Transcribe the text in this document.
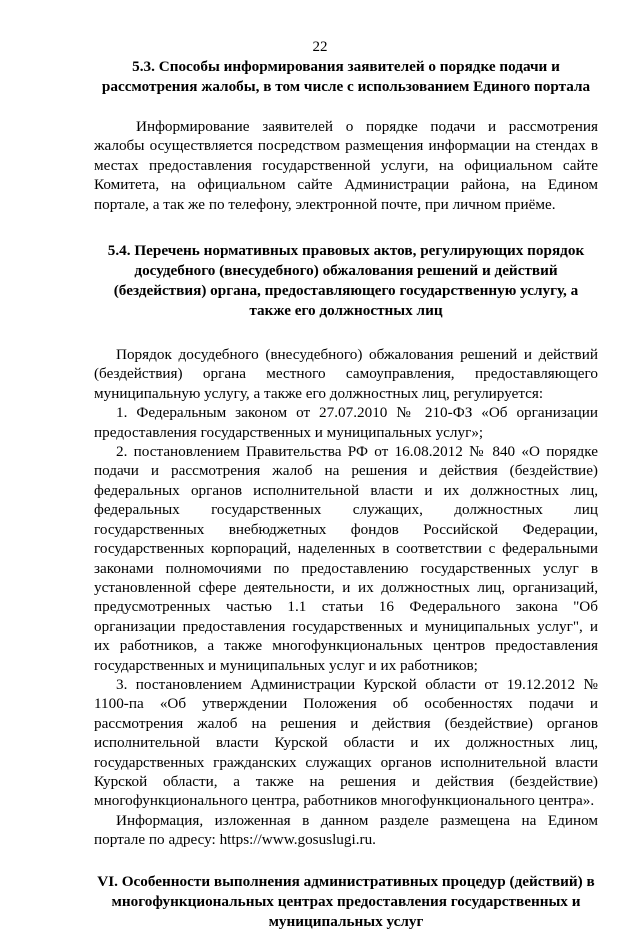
22

5.3. Способы информирования заявителей о порядке подачи и рассмотрения жалобы, в том числе с использованием Единого портала

Информирование заявителей о порядке подачи и рассмотрения жалобы осуществляется посредством размещения информации на стендах в местах предоставления государственной услуги, на официальном сайте Комитета, на официальном сайте Администрации района, на Едином портале, а так же по телефону, электронной почте, при личном приёме.

5.4. Перечень нормативных правовых актов, регулирующих порядок досудебного (внесудебного) обжалования решений и действий (бездействия) органа, предоставляющего государственную услугу, а также его должностных лиц

Порядок досудебного (внесудебного) обжалования решений и действий (бездействия) органа местного самоуправления, предоставляющего муниципальную услугу, а также его должностных лиц, регулируется:

1. Федеральным законом от 27.07.2010 № 210-ФЗ «Об организации предоставления государственных и муниципальных услуг»;

2. постановлением Правительства РФ от 16.08.2012 № 840 «О порядке подачи и рассмотрения жалоб на решения и действия (бездействие) федеральных органов исполнительной власти и их должностных лиц, федеральных государственных служащих, должностных лиц государственных внебюджетных фондов Российской Федерации, государственных корпораций, наделенных в соответствии с федеральными законами полномочиями по предоставлению государственных услуг в установленной сфере деятельности, и их должностных лиц, организаций, предусмотренных частью 1.1 статьи 16 Федерального закона "Об организации предоставления государственных и муниципальных услуг", и их работников, а также многофункциональных центров предоставления государственных и муниципальных услуг и их работников;

3. постановлением Администрации Курской области от 19.12.2012 № 1100-па «Об утверждении Положения об особенностях подачи и рассмотрения жалоб на решения и действия (бездействие) органов исполнительной власти Курской области и их должностных лиц, государственных гражданских служащих органов исполнительной власти Курской области, а также на решения и действия (бездействие) многофункционального центра, работников многофункционального центра».

Информация, изложенная в данном разделе размещена на Едином портале по адресу: https://www.gosuslugi.ru.

VI. Особенности выполнения административных процедур (действий) в многофункциональных центрах предоставления государственных и муниципальных услуг
